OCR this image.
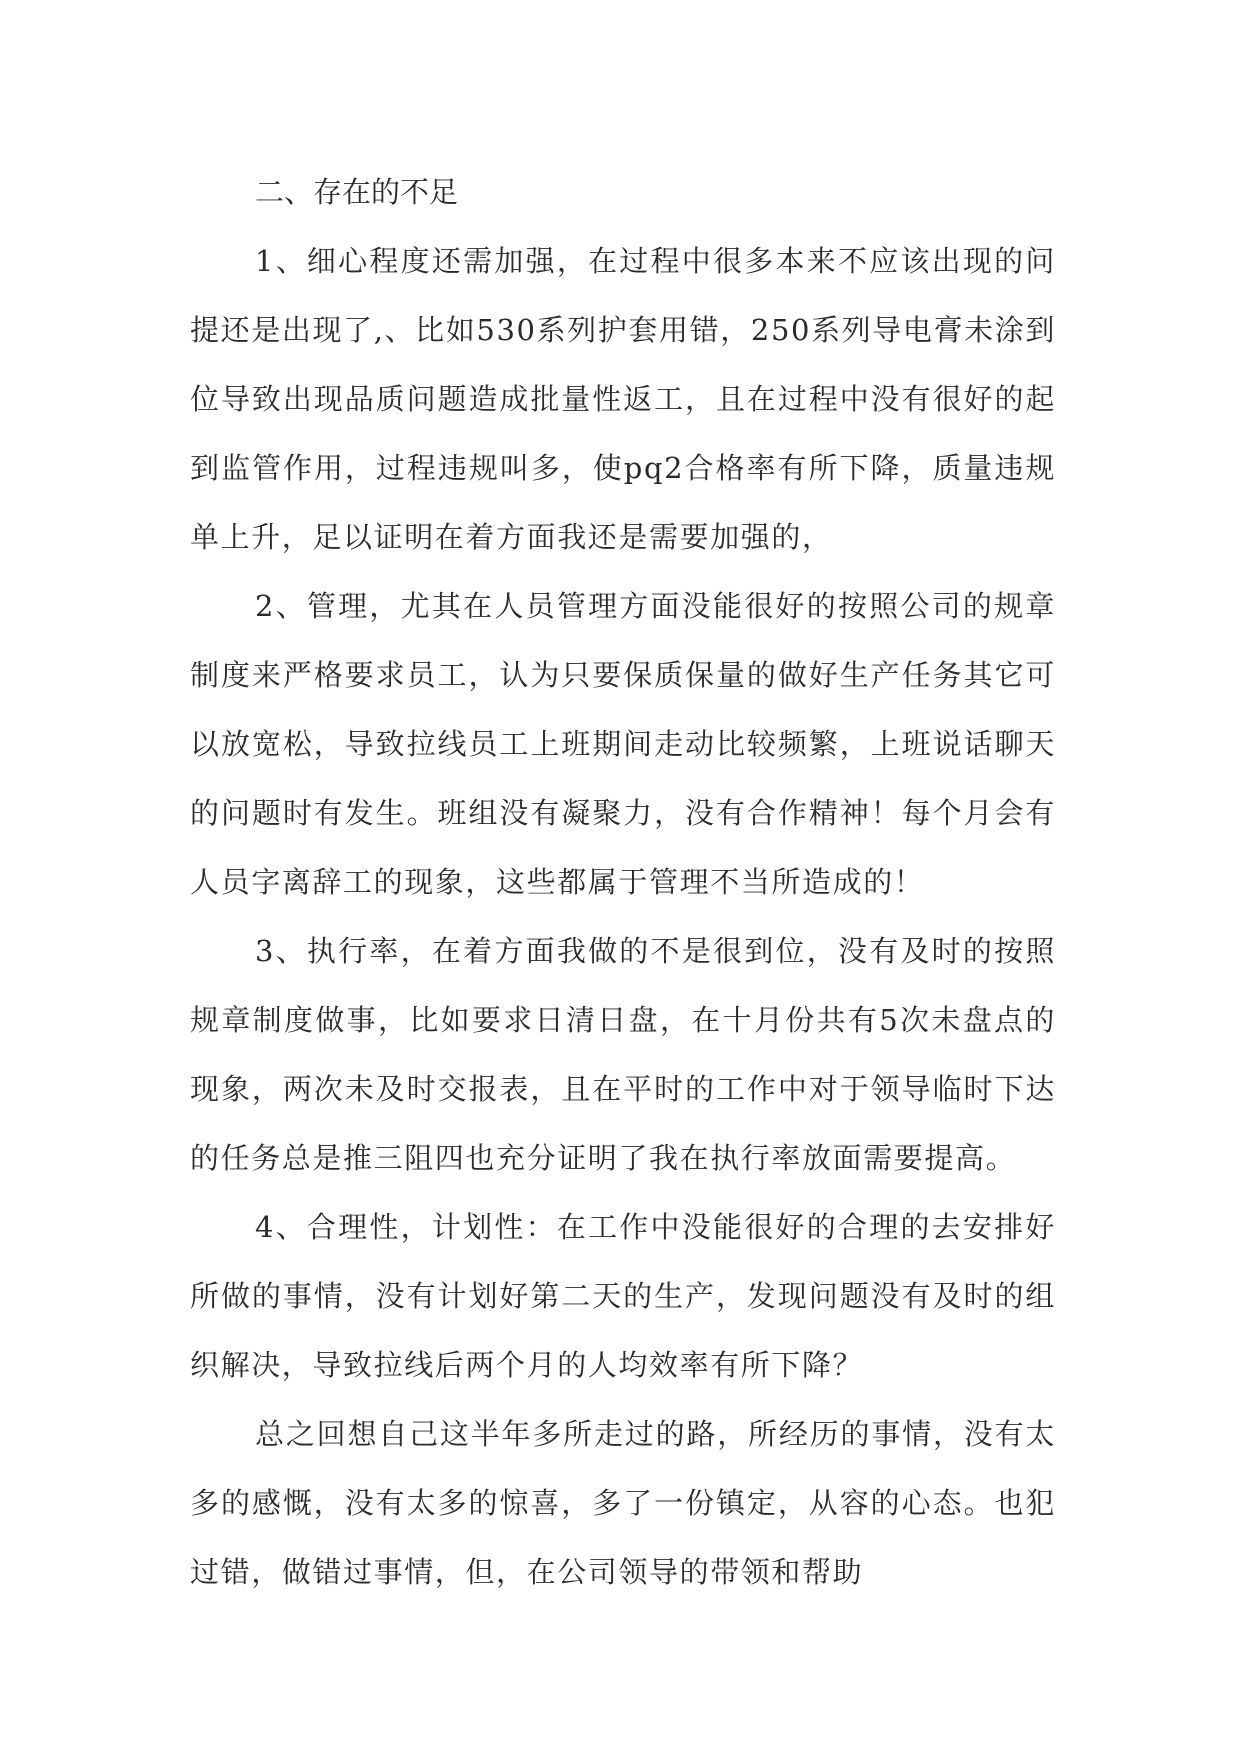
二、存在的不足

1、细心程度还需加强，在过程中很多本来不应该出现的问提还是出现了,、比如530系列护套用错，250系列导电膏未涂到位导致出现品质问题造成批量性返工，且在过程中没有很好的起到监管作用，过程违规叫多，使pq2合格率有所下降，质量违规单上升，足以证明在着方面我还是需要加强的，

2、管理，尤其在人员管理方面没能很好的按照公司的规章制度来严格要求员工，认为只要保质保量的做好生产任务其它可以放宽松，导致拉线员工上班期间走动比较频繁，上班说话聊天的问题时有发生。班组没有凝聚力，没有合作精神！每个月会有人员字离辞工的现象，这些都属于管理不当所造成的！

3、执行率，在着方面我做的不是很到位，没有及时的按照规章制度做事，比如要求日清日盘，在十月份共有5次未盘点的现象，两次未及时交报表，且在平时的工作中对于领导临时下达的任务总是推三阻四也充分证明了我在执行率放面需要提高。

4、合理性，计划性：在工作中没能很好的合理的去安排好所做的事情，没有计划好第二天的生产，发现问题没有及时的组织解决，导致拉线后两个月的人均效率有所下降？

总之回想自己这半年多所走过的路，所经历的事情，没有太多的感慨，没有太多的惊喜，多了一份镇定，从容的心态。也犯过错，做错过事情，但，在公司领导的带领和帮助
